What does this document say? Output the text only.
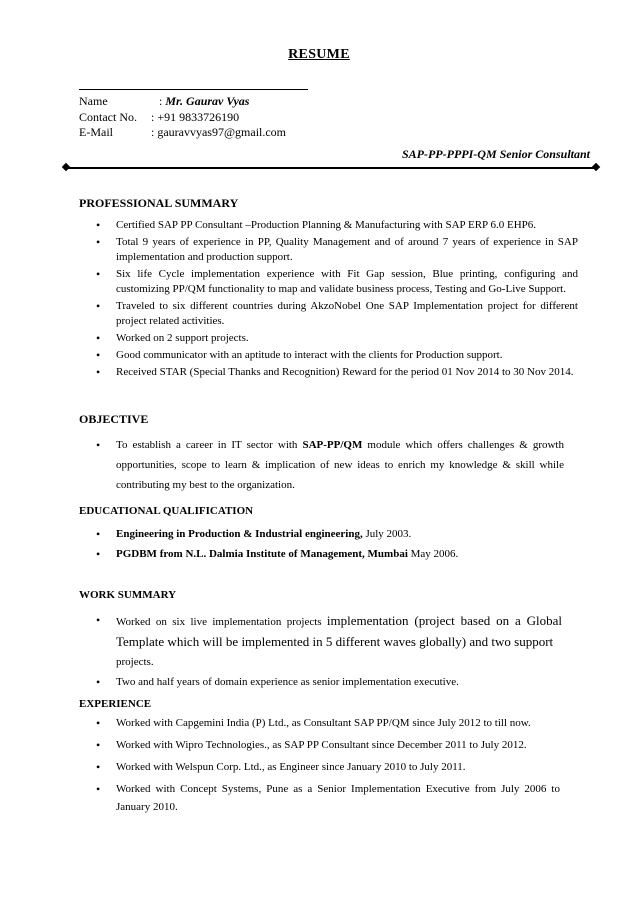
RESUME
Name	: Mr. Gaurav Vyas
Contact No.	: +91 9833726190
E-Mail	: gauravvyas97@gmail.com
SAP-PP-PPPI-QM Senior Consultant
PROFESSIONAL SUMMARY
• Certified SAP PP Consultant –Production Planning & Manufacturing with SAP ERP 6.0 EHP6.
• Total 9 years of experience in PP, Quality Management and of around 7 years of experience in SAP implementation and production support.
• Six life Cycle implementation experience with Fit Gap session, Blue printing, configuring and customizing PP/QM functionality to map and validate business process, Testing and Go-Live Support.
• Traveled to six different countries during AkzoNobel One SAP Implementation project for different project related activities.
• Worked on 2 support projects.
• Good communicator with an aptitude to interact with the clients for Production support.
• Received STAR (Special Thanks and Recognition) Reward for the period 01 Nov 2014 to 30 Nov 2014.
OBJECTIVE
• To establish a career in IT sector with SAP-PP/QM module which offers challenges & growth opportunities, scope to learn & implication of new ideas to enrich my knowledge & skill while contributing my best to the organization.
EDUCATIONAL QUALIFICATION
• Engineering in Production & Industrial engineering, July 2003.
• PGDBM from N.L. Dalmia Institute of Management, Mumbai May 2006.
WORK SUMMARY
• Worked on six live implementation projects implementation (project based on a Global Template which will be implemented in 5 different waves globally) and two support
projects.
• Two and half years of domain experience as senior implementation executive.
EXPERIENCE
• Worked with Capgemini India (P) Ltd., as Consultant SAP PP/QM since July 2012 to till now.
• Worked with Wipro Technologies., as SAP PP Consultant since December 2011 to July 2012.
• Worked with Welspun Corp. Ltd., as Engineer since January 2010 to July 2011.
• Worked with Concept Systems, Pune as a Senior Implementation Executive from July 2006 to January 2010.
